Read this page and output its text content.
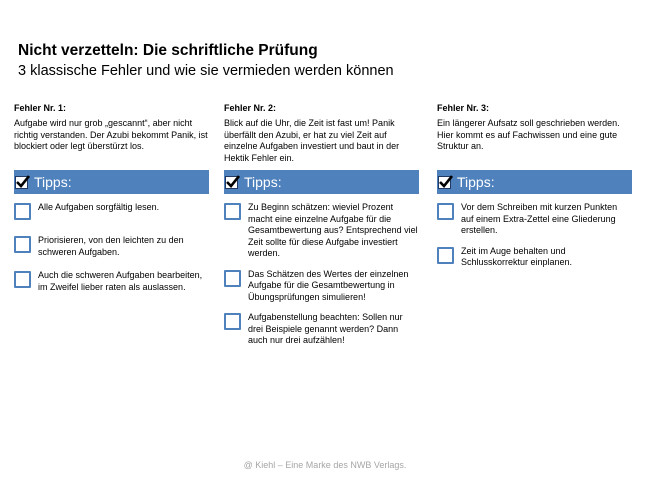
Nicht verzetteln: Die schriftliche Prüfung
3 klassische Fehler und wie sie vermieden werden können
Fehler Nr. 1:
Aufgabe wird nur grob „gescannt“, aber nicht richtig verstanden. Der Azubi bekommt Panik, ist blockiert oder legt überstürzt los.
Tipps:
Alle Aufgaben sorgfältig lesen.
Priorisieren, von den leichten zu den schweren Aufgaben.
Auch die schweren Aufgaben bearbeiten, im Zweifel lieber raten als auslassen.
Fehler Nr. 2:
Blick auf die Uhr, die Zeit ist fast um! Panik überfällt den Azubi, er hat zu viel Zeit auf einzelne Aufgaben investiert und baut in der Hektik Fehler ein.
Tipps:
Zu Beginn schätzen: wieviel Prozent macht eine einzelne Aufgabe für die Gesamtbewertung aus? Entsprechend viel Zeit sollte für diese Aufgabe investiert werden.
Das Schätzen des Wertes der einzelnen Aufgabe für die Gesamtbewertung in Übungsprüfungen simulieren!
Aufgabenstellung beachten: Sollen nur drei Beispiele genannt werden? Dann auch nur drei aufzählen!
Fehler Nr. 3:
Ein längerer Aufsatz soll geschrieben werden. Hier kommt es auf Fachwissen und eine gute Struktur an.
Tipps:
Vor dem Schreiben mit kurzen Punkten auf einem Extra-Zettel eine Gliederung erstellen.
Zeit im Auge behalten und Schlusskorrektur einplanen.
@ Kiehl – Eine Marke des NWB Verlags.
